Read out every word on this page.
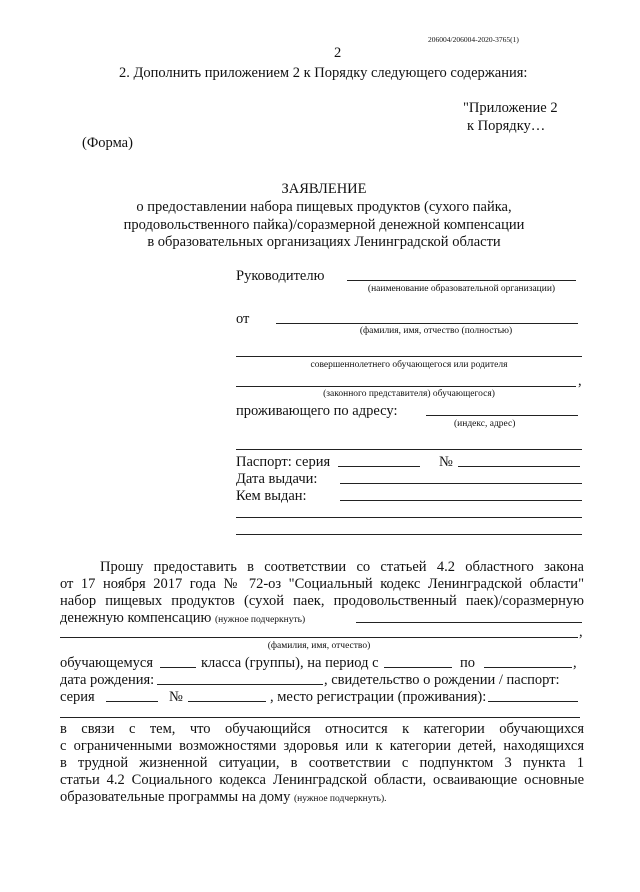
206004/206004-2020-3765(1)
2
2. Дополнить приложением 2 к Порядку следующего содержания:
"Приложение 2
к Порядку…
(Форма)
ЗАЯВЛЕНИЕ
о предоставлении набора пищевых продуктов (сухого пайка,
продовольственного пайка)/соразмерной денежной компенсации
в образовательных организациях Ленинградской области
Руководителю
(наименование образовательной организации)
от
(фамилия, имя, отчество (полностью)
совершеннолетнего обучающегося или родителя
,
(законного представителя) обучающегося)
проживающего по адресу:
(индекс, адрес)
Паспорт: серия	№
Дата выдачи:
Кем выдан:
Прошу предоставить в соответствии со статьей 4.2 областного закона
от 17 ноября 2017 года № 72-оз "Социальный кодекс Ленинградской области"
набор пищевых продуктов (сухой паек, продовольственный паек)/соразмерную
денежную компенсацию (нужное подчеркнуть)
,
(фамилия, имя, отчество)
обучающемуся	класса (группы), на период с	по	,
дата рождения:	, свидетельство о рождении / паспорт:
серия	№	, место регистрации (проживания):
в связи с тем, что обучающийся относится к категории обучающихся
с ограниченными возможностями здоровья или к категории детей, находящихся
в трудной жизненной ситуации, в соответствии с подпунктом 3 пункта 1
статьи 4.2 Социального кодекса Ленинградской области, осваивающие основные
образовательные программы на дому (нужное подчеркнуть).
